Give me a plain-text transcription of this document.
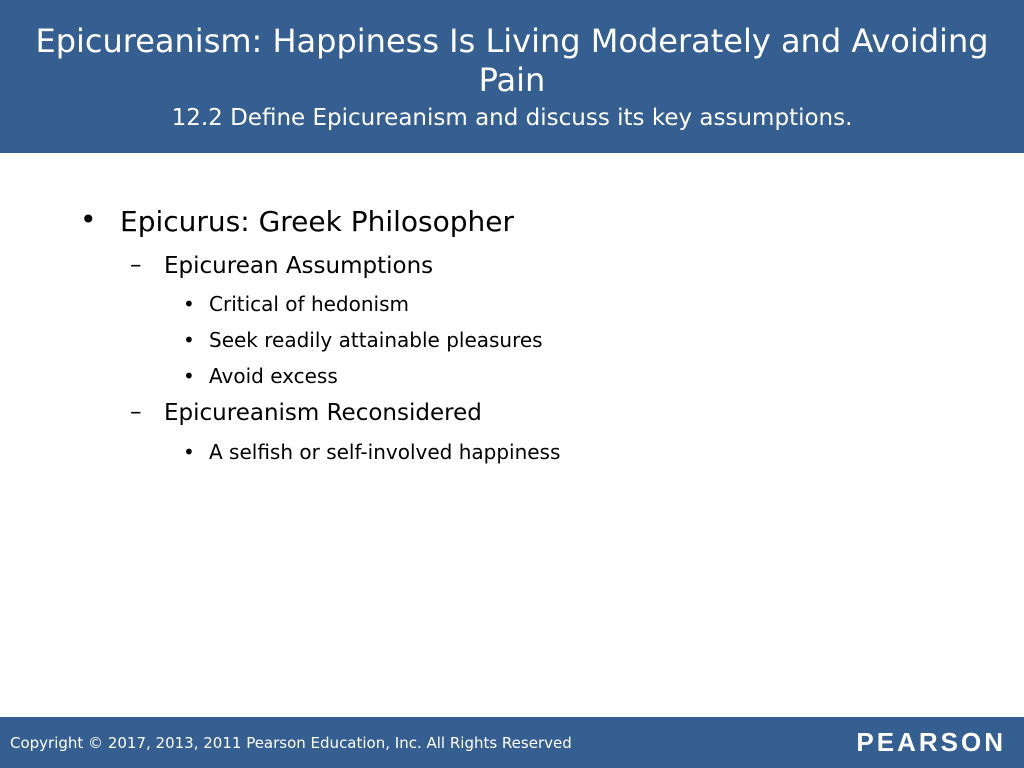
Epicureanism: Happiness Is Living Moderately and Avoiding Pain
12.2 Define Epicureanism and discuss its key assumptions.
• Epicurus: Greek Philosopher
– Epicurean Assumptions
• Critical of hedonism
• Seek readily attainable pleasures
• Avoid excess
– Epicureanism Reconsidered
• A selfish or self-involved happiness
Copyright © 2017, 2013, 2011 Pearson Education, Inc. All Rights Reserved	PEARSON
